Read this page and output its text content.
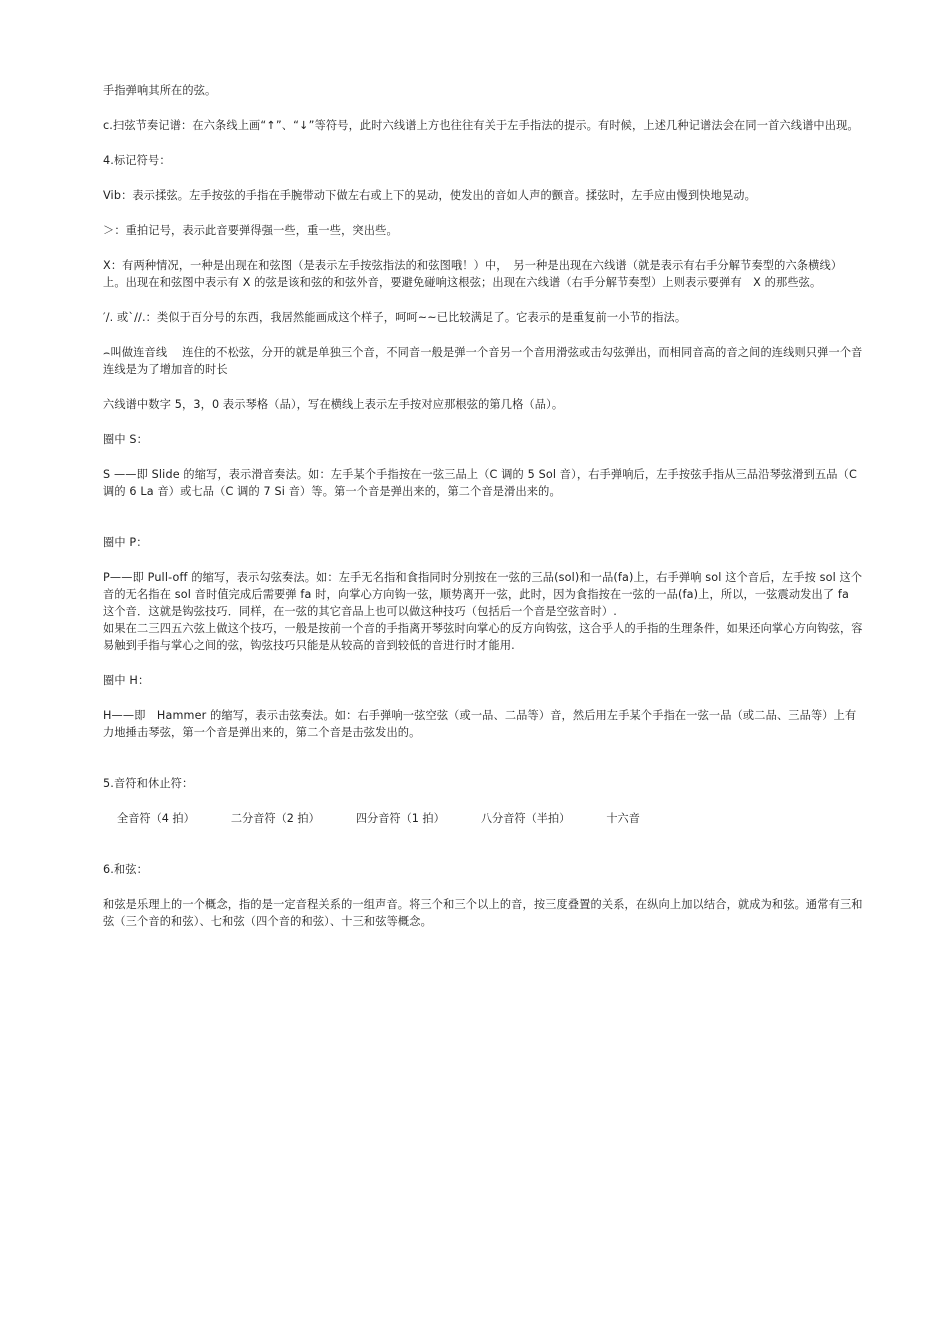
手指弹响其所在的弦。

c.扫弦节奏记谱：在六条线上画“↑”、“↓”等符号，此时六线谱上方也往往有关于左手指法的提示。有时候，上述几种记谱法会在同一首六线谱中出现。

4.标记符号：

Vib：表示揉弦。左手按弦的手指在手腕带动下做左右或上下的晃动，使发出的音如人声的颤音。揉弦时，左手应由慢到快地晃动。

＞：重拍记号，表示此音要弹得强一些，重一些，突出些。

X：有两种情况，一种是出现在和弦图（是表示左手按弦指法的和弦图哦！）中，　另一种是出现在六线谱（就是表示有右手分解节奏型的六条横线）上。出现在和弦图中表示有 X 的弦是该和弦的和弦外音，要避免碰响这根弦；出现在六线谱（右手分解节奏型）上则表示要弹有　X 的那些弦。

′/. 或`//.：类似于百分号的东西，我居然能画成这个样子，呵呵~~已比较满足了。它表示的是重复前一小节的指法。

⌢叫做连音线　 连住的不松弦，分开的就是单独三个音，不同音一般是弹一个音另一个音用滑弦或击勾弦弹出，而相同音高的音之间的连线则只弹一个音连线是为了增加音的时长

六线谱中数字 5，3，0 表示琴格（品），写在横线上表示左手按对应那根弦的第几格（品）。

圈中 S：

S ——即 Slide 的缩写，表示滑音奏法。如：左手某个手指按在一弦三品上（C 调的 5 Sol 音），右手弹响后，左手按弦手指从三品沿琴弦滑到五品（C 调的 6 La 音）或七品（C 调的 7 Si 音）等。第一个音是弹出来的，第二个音是滑出来的。

圈中 P：

P——即 Pull-off 的缩写，表示勾弦奏法。如：左手无名指和食指同时分别按在一弦的三品(sol)和一品(fa)上，右手弹响 sol 这个音后，左手按 sol 这个音的无名指在 sol 音时值完成后需要弹 fa 时，向掌心方向钩一弦，顺势离开一弦，此时，因为食指按在一弦的一品(fa)上，所以，一弦震动发出了 fa 这个音．这就是钩弦技巧．同样，在一弦的其它音品上也可以做这种技巧（包括后一个音是空弦音时）.

如果在二三四五六弦上做这个技巧，一般是按前一个音的手指离开琴弦时向掌心的反方向钩弦，这合乎人的手指的生理条件，如果还向掌心方向钩弦，容易触到手指与掌心之间的弦，钩弦技巧只能是从较高的音到较低的音进行时才能用.

圈中 H：

H——即　Hammer 的缩写，表示击弦奏法。如：右手弹响一弦空弦（或一品、二品等）音，然后用左手某个手指在一弦一品（或二品、三品等）上有力地捶击琴弦，第一个音是弹出来的，第二个音是击弦发出的。

5.音符和休止符：

全音符（4 拍）	二分音符（2 拍）	四分音符（1 拍）	八分音符（半拍）	十六音

6.和弦：

和弦是乐理上的一个概念，指的是一定音程关系的一组声音。将三个和三个以上的音，按三度叠置的关系，在纵向上加以结合，就成为和弦。通常有三和弦（三个音的和弦）、七和弦（四个音的和弦）、十三和弦等概念。
